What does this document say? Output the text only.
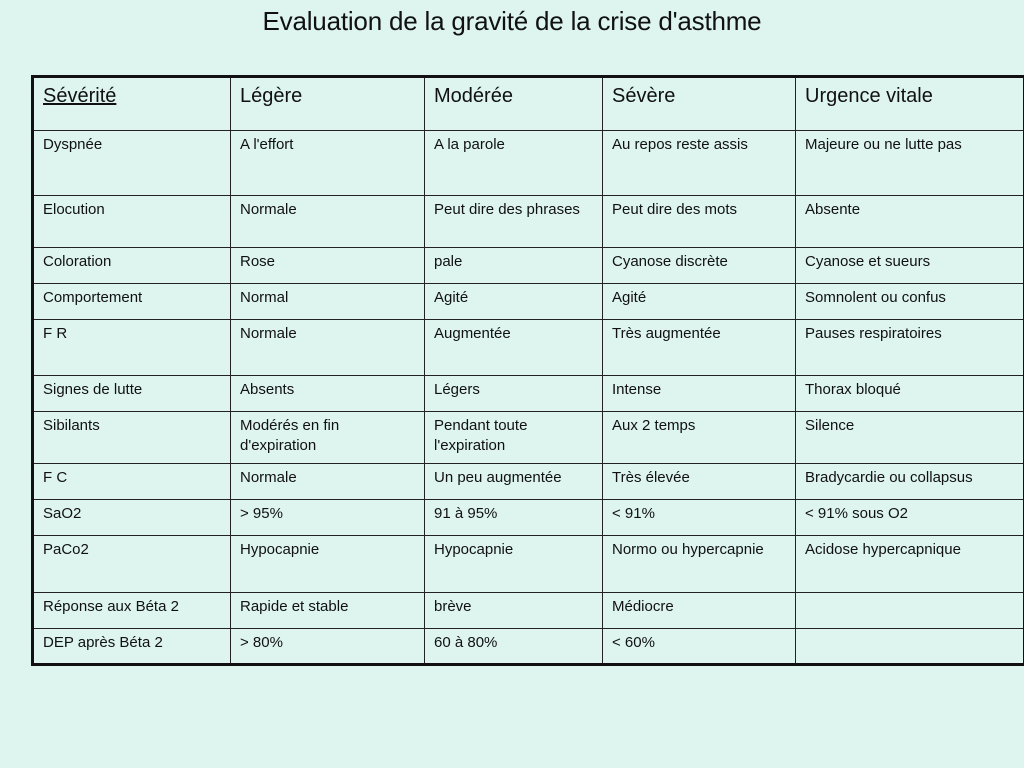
Evaluation de la gravité de la crise d'asthme
Sévérité	Légère	Modérée	Sévère	Urgence vitale
Dyspnée	A l'effort	A la parole	Au repos reste assis	Majeure ou ne lutte pas
Elocution	Normale	Peut dire des phrases	Peut dire des mots	Absente
Coloration	Rose	pale	Cyanose discrète	Cyanose et sueurs
Comportement	Normal	Agité	Agité	Somnolent ou confus
F R	Normale	Augmentée	Très augmentée	Pauses respiratoires
Signes de lutte	Absents	Légers	Intense	Thorax bloqué
Sibilants	Modérés en fin d'expiration	Pendant toute l'expiration	Aux 2 temps	Silence
F C	Normale	Un peu augmentée	Très élevée	Bradycardie ou collapsus
SaO2	> 95%	91 à 95%	< 91%	< 91% sous O2
PaCo2	Hypocapnie	Hypocapnie	Normo ou hypercapnie	Acidose hypercapnique
Réponse aux Béta 2	Rapide et stable	brève	Médiocre	
DEP après Béta 2	> 80%	60 à 80%	< 60%	
